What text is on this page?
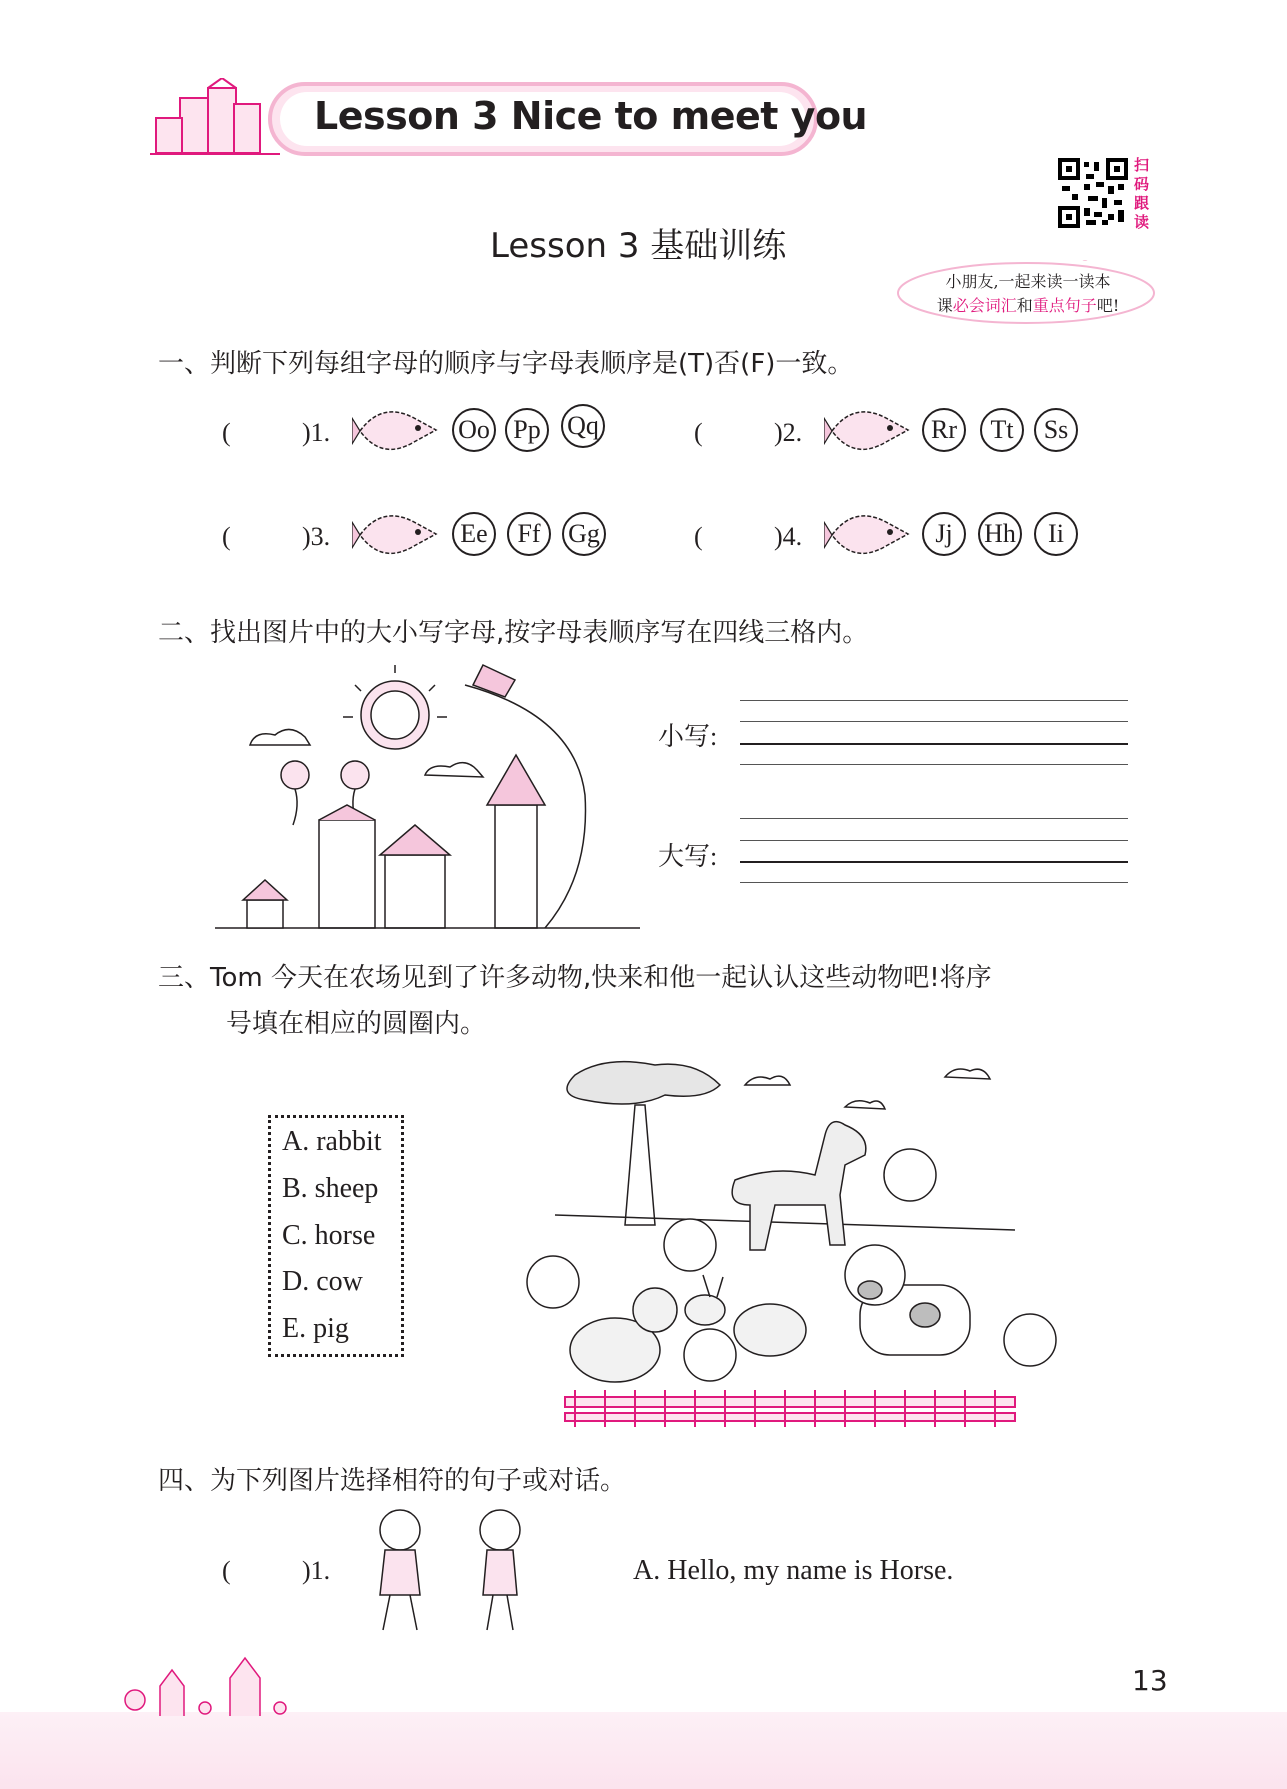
Lesson 3 Nice to meet you
扫码跟读
Lesson 3 基础训练
小朋友,一起来读一读本
课必会词汇和重点句子吧!
一、判断下列每组字母的顺序与字母表顺序是(T)否(F)一致。
(	)1.	Oo Pp	Qq	(	)2.	Rr	Tt	Ss
(	)3.	Ee	Ff	Gg	(	)4.	Jj	Hh	Ii
二、找出图片中的大小写字母,按字母表顺序写在四线三格内。
小写:
大写:
三、Tom 今天在农场见到了许多动物,快来和他一起认认这些动物吧!将序
号填在相应的圆圈内。
A. rabbit
B. sheep
C. horse
D. cow
E. pig
四、为下列图片选择相符的句子或对话。
(	)1.	A. Hello, my name is Horse.
13
